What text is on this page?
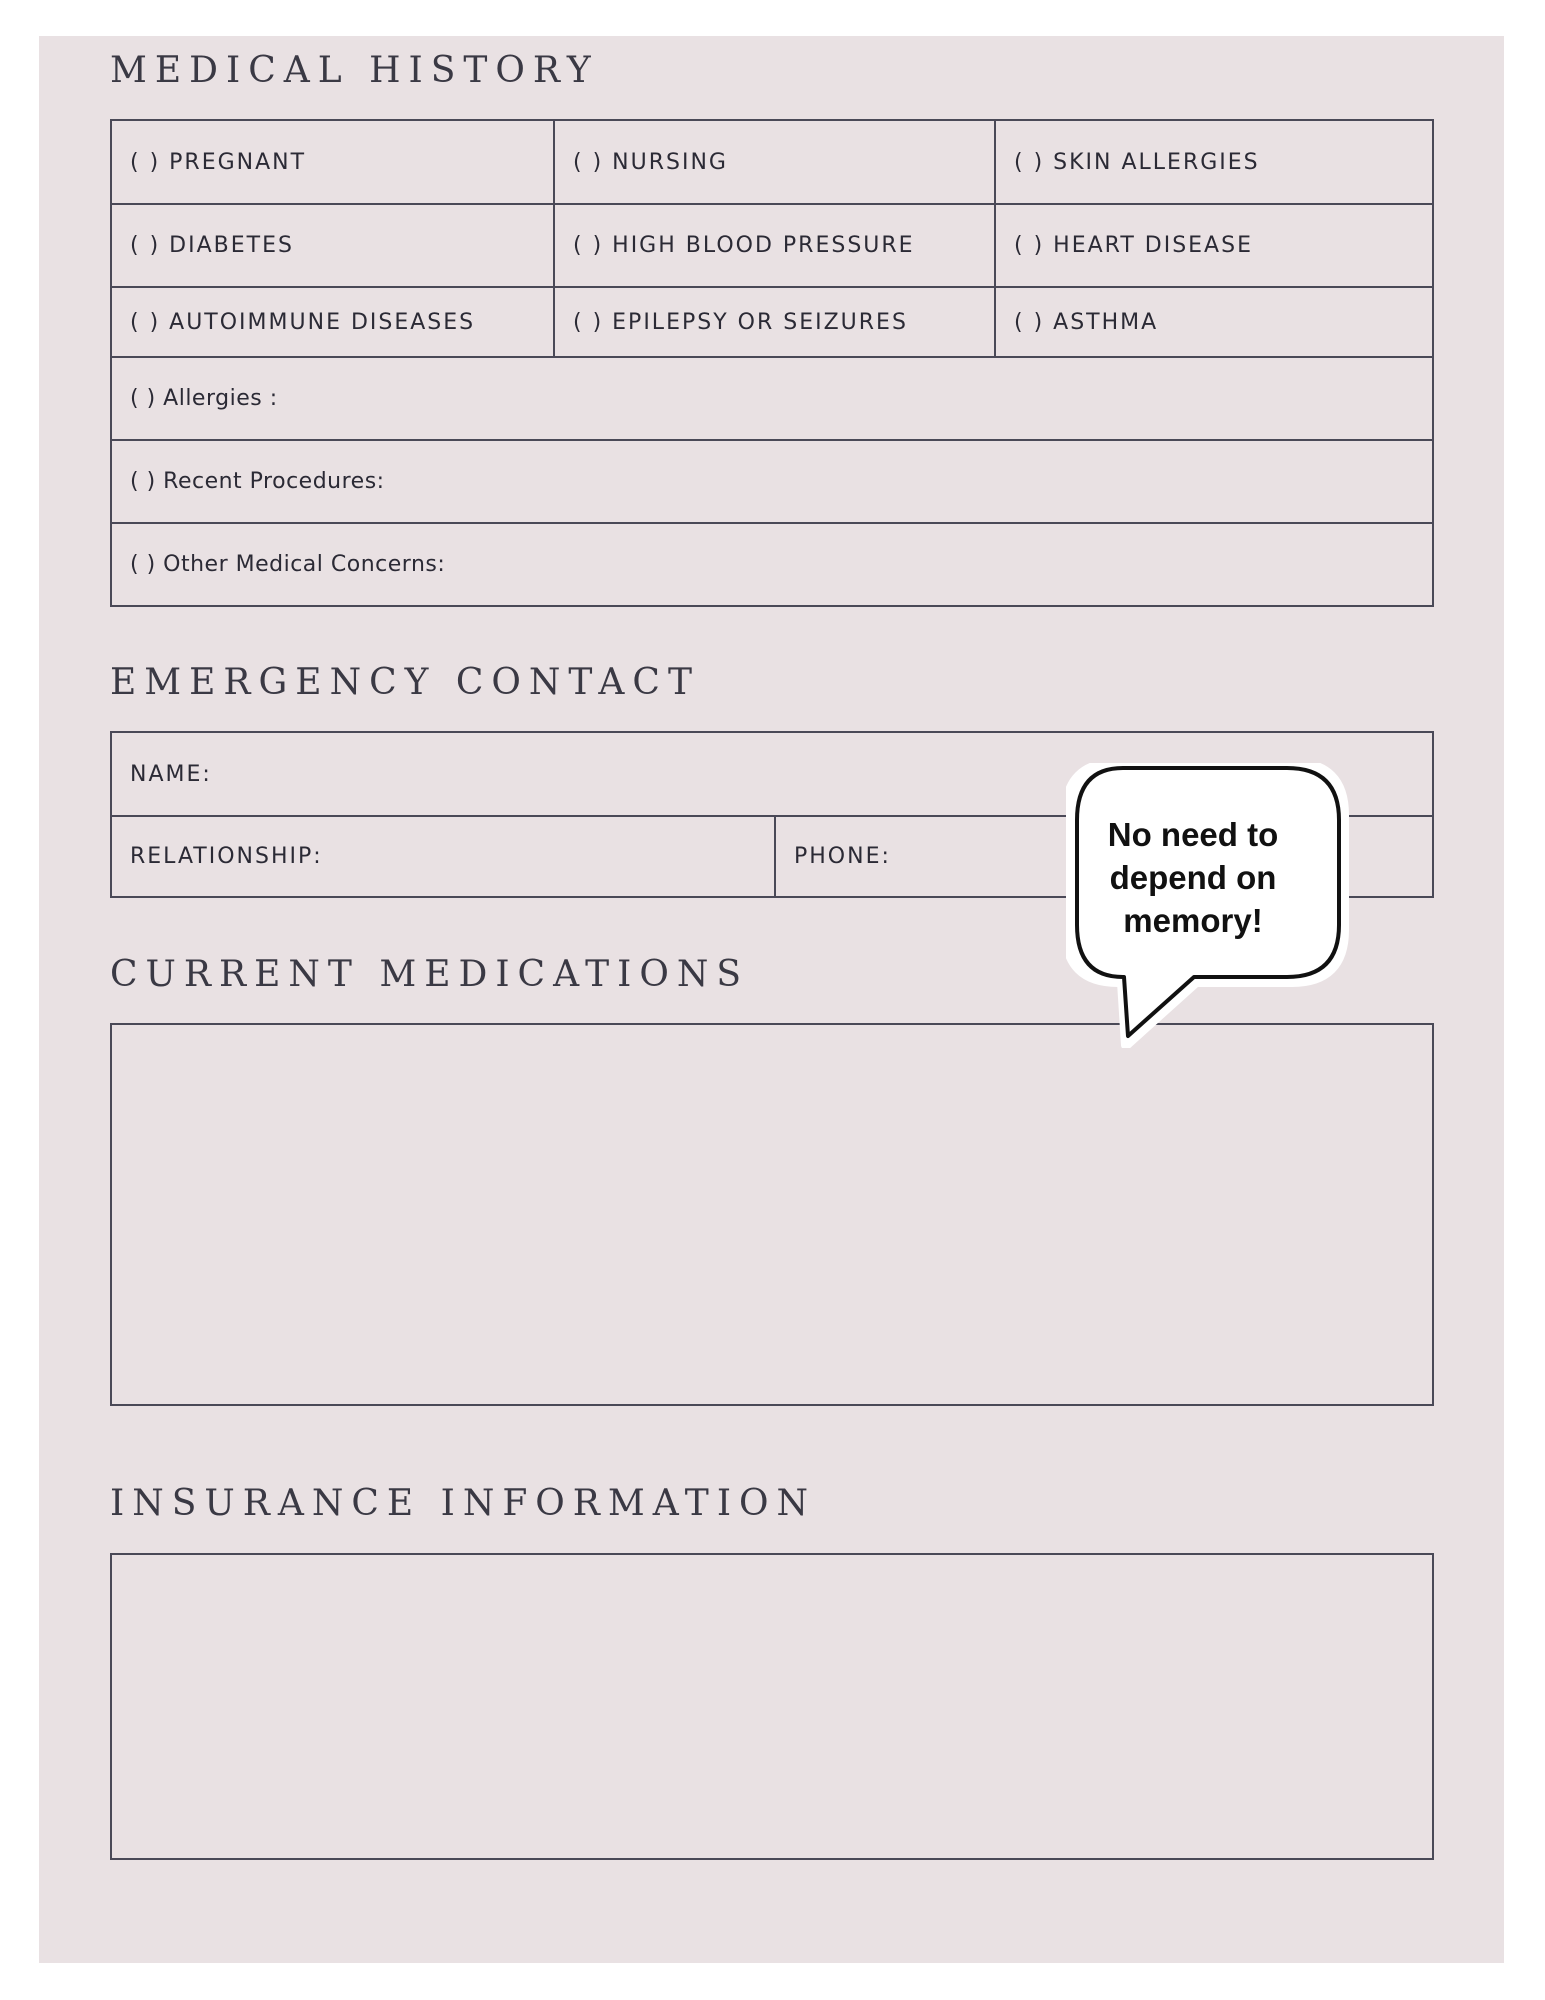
MEDICAL HISTORY
( ) PREGNANT	( ) NURSING	( ) SKIN ALLERGIES
( ) DIABETES	( ) HIGH BLOOD PRESSURE	( ) HEART DISEASE
( ) AUTOIMMUNE DISEASES	( ) EPILEPSY OR SEIZURES	( ) ASTHMA
( ) Allergies :
( ) Recent Procedures:
( ) Other Medical Concerns:
EMERGENCY CONTACT
NAME:
RELATIONSHIP:	PHONE:
CURRENT MEDICATIONS
INSURANCE INFORMATION
No need to
depend on
memory!
